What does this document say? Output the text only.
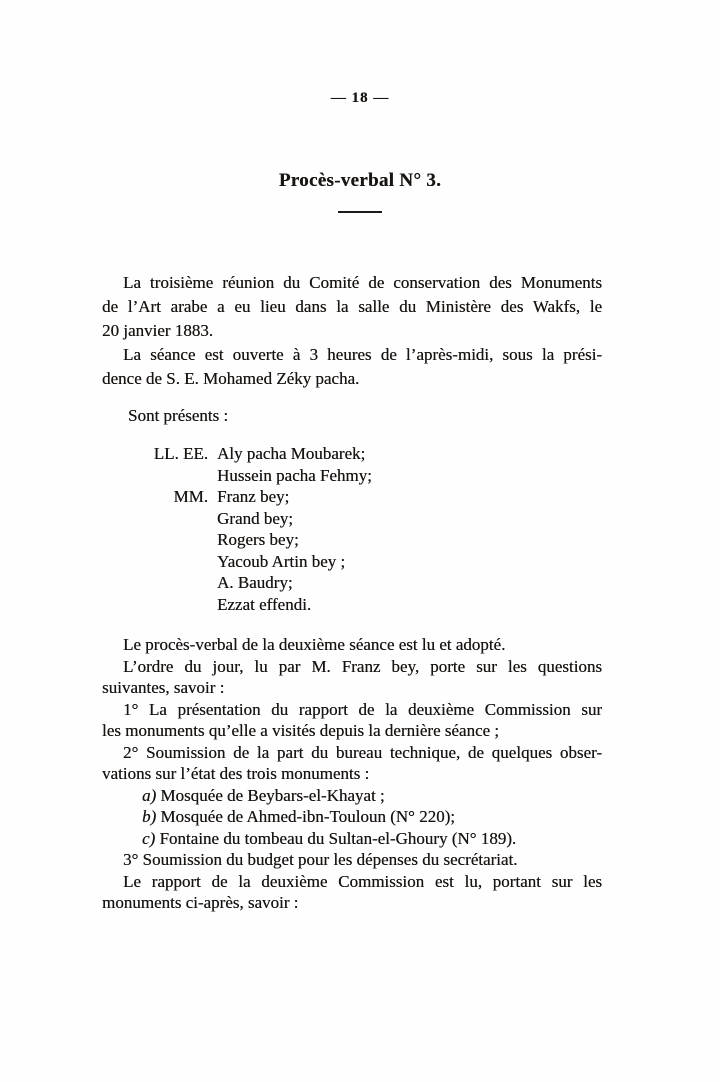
— 18 —
Procès-verbal N° 3.
La troisième réunion du Comité de conservation des Monuments
de l’Art arabe a eu lieu dans la salle du Ministère des Wakfs, le
20 janvier 1883.
La séance est ouverte à 3 heures de l’après-midi, sous la prési-
dence de S. E. Mohamed Zéky pacha.
Sont présents :
LL. EE. Aly pacha Moubarek;
Hussein pacha Fehmy;
MM. Franz bey;
Grand bey;
Rogers bey;
Yacoub Artin bey ;
A. Baudry;
Ezzat effendi.
Le procès-verbal de la deuxième séance est lu et adopté.
L’ordre du jour, lu par M. Franz bey, porte sur les questions
suivantes, savoir :
1° La présentation du rapport de la deuxième Commission sur
les monuments qu’elle a visités depuis la dernière séance ;
2° Soumission de la part du bureau technique, de quelques obser-
vations sur l’état des trois monuments :
a) Mosquée de Beybars-el-Khayat ;
b) Mosquée de Ahmed-ibn-Touloun (N° 220);
c) Fontaine du tombeau du Sultan-el-Ghoury (N° 189).
3° Soumission du budget pour les dépenses du secrétariat.
Le rapport de la deuxième Commission est lu, portant sur les
monuments ci-après, savoir :
